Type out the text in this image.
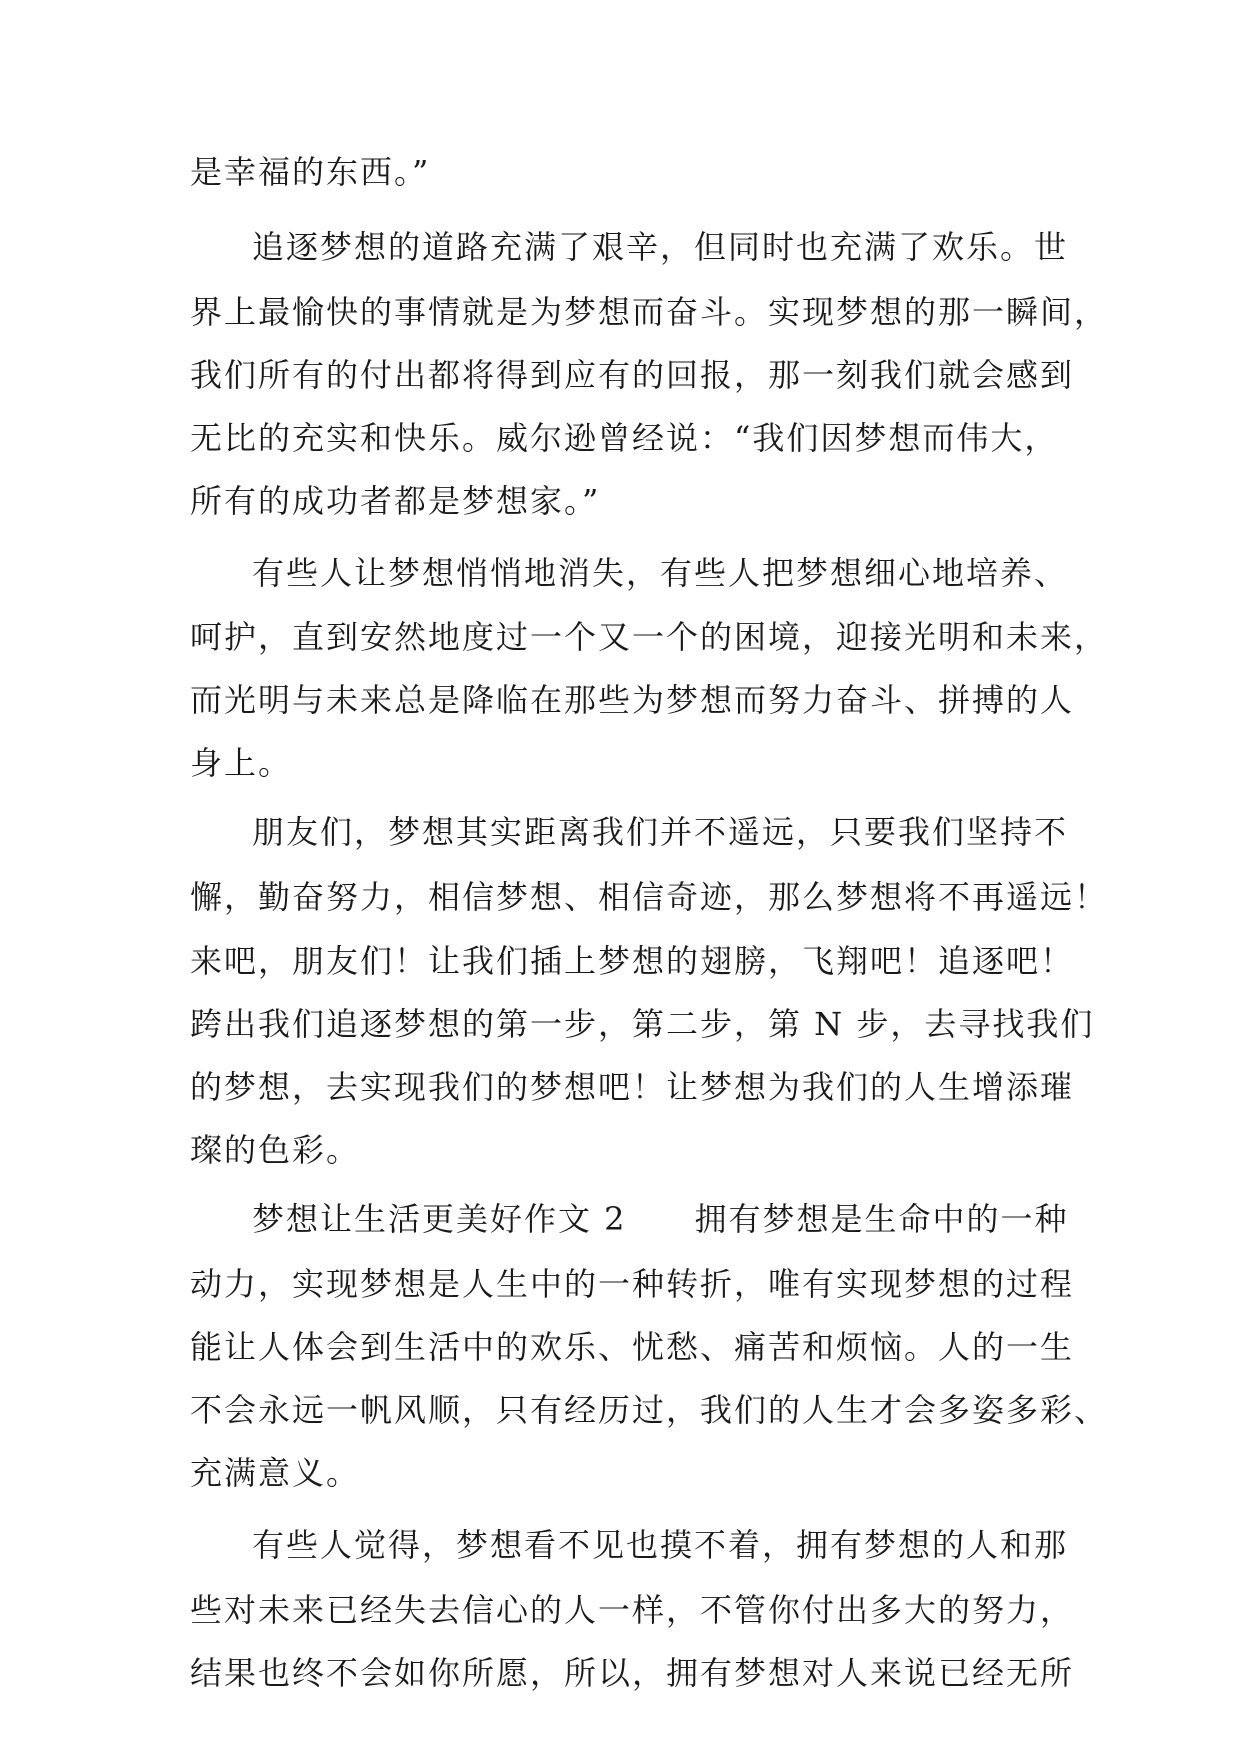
是幸福的东西。”
追逐梦想的道路充满了艰辛，但同时也充满了欢乐。世
界上最愉快的事情就是为梦想而奋斗。实现梦想的那一瞬间，
我们所有的付出都将得到应有的回报，那一刻我们就会感到
无比的充实和快乐。威尔逊曾经说：“我们因梦想而伟大，
所有的成功者都是梦想家。”
有些人让梦想悄悄地消失，有些人把梦想细心地培养、
呵护，直到安然地度过一个又一个的困境，迎接光明和未来，
而光明与未来总是降临在那些为梦想而努力奋斗、拼搏的人
身上。
朋友们，梦想其实距离我们并不遥远，只要我们坚持不
懈，勤奋努力，相信梦想、相信奇迹，那么梦想将不再遥远！
来吧，朋友们！让我们插上梦想的翅膀，飞翔吧！追逐吧！
跨出我们追逐梦想的第一步，第二步，第 N 步，去寻找我们
的梦想，去实现我们的梦想吧！让梦想为我们的人生增添璀
璨的色彩。
梦想让生活更美好作文 2　　拥有梦想是生命中的一种
动力，实现梦想是人生中的一种转折，唯有实现梦想的过程
能让人体会到生活中的欢乐、忧愁、痛苦和烦恼。人的一生
不会永远一帆风顺，只有经历过，我们的人生才会多姿多彩、
充满意义。
有些人觉得，梦想看不见也摸不着，拥有梦想的人和那
些对未来已经失去信心的人一样，不管你付出多大的努力，
结果也终不会如你所愿，所以，拥有梦想对人来说已经无所
